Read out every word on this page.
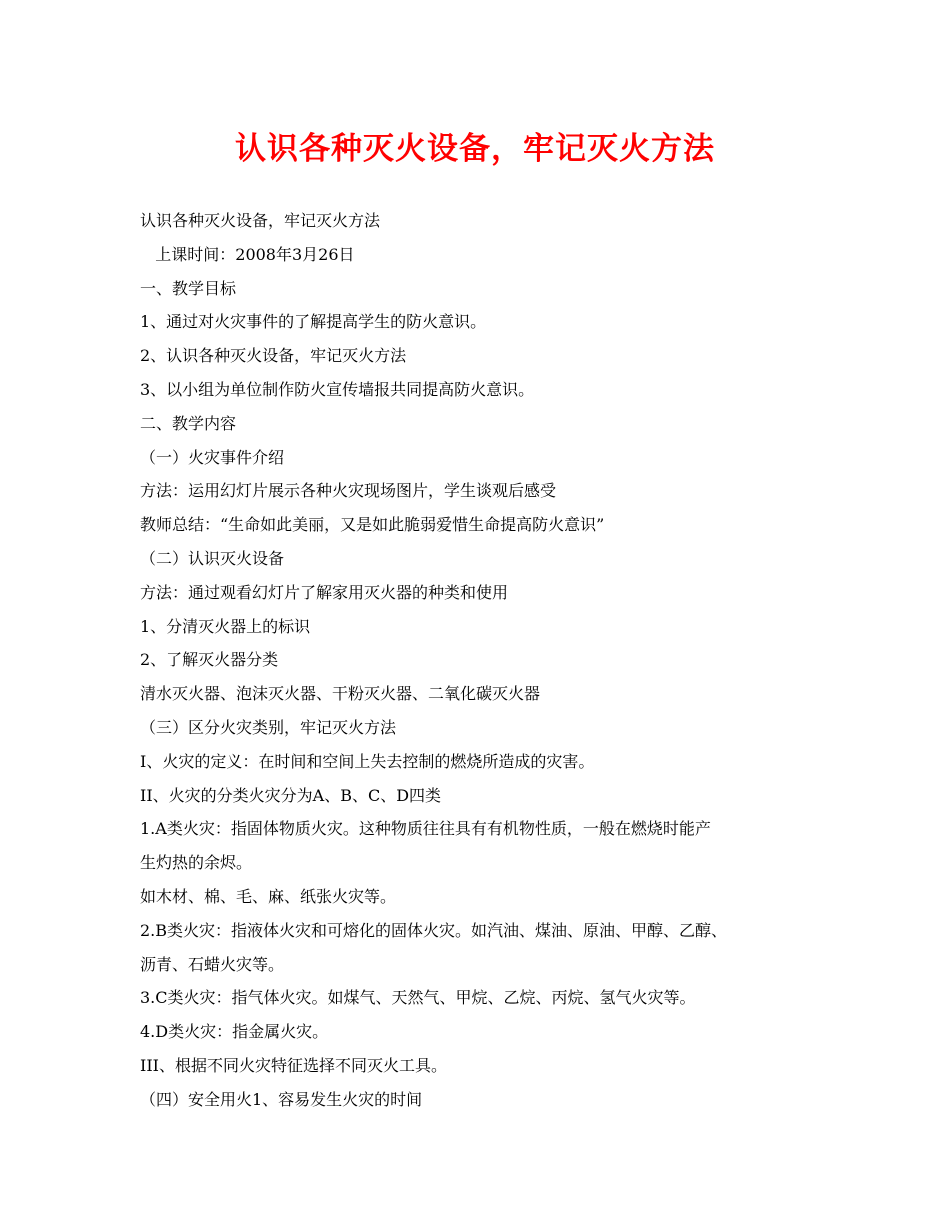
认识各种灭火设备，牢记灭火方法
认识各种灭火设备，牢记灭火方法
上课时间：2008年3月26日
一、教学目标
1、通过对火灾事件的了解提高学生的防火意识。
2、认识各种灭火设备，牢记灭火方法
3、以小组为单位制作防火宣传墙报共同提高防火意识。
二、教学内容
（一）火灾事件介绍
方法：运用幻灯片展示各种火灾现场图片，学生谈观后感受
教师总结：“生命如此美丽，又是如此脆弱爱惜生命提高防火意识”
（二）认识灭火设备
方法：通过观看幻灯片了解家用灭火器的种类和使用
1、分清灭火器上的标识
2、了解灭火器分类
清水灭火器、泡沫灭火器、干粉灭火器、二氧化碳灭火器
（三）区分火灾类别，牢记灭火方法
I、火灾的定义：在时间和空间上失去控制的燃烧所造成的灾害。
II、火灾的分类火灾分为A、B、C、D四类
1.A类火灾：指固体物质火灾。这种物质往往具有有机物性质，一般在燃烧时能产
生灼热的余烬。
如木材、棉、毛、麻、纸张火灾等。
2.B类火灾：指液体火灾和可熔化的固体火灾。如汽油、煤油、原油、甲醇、乙醇、
沥青、石蜡火灾等。
3.C类火灾：指气体火灾。如煤气、天然气、甲烷、乙烷、丙烷、氢气火灾等。
4.D类火灾：指金属火灾。
III、根据不同火灾特征选择不同灭火工具。
（四）安全用火1、容易发生火灾的时间
